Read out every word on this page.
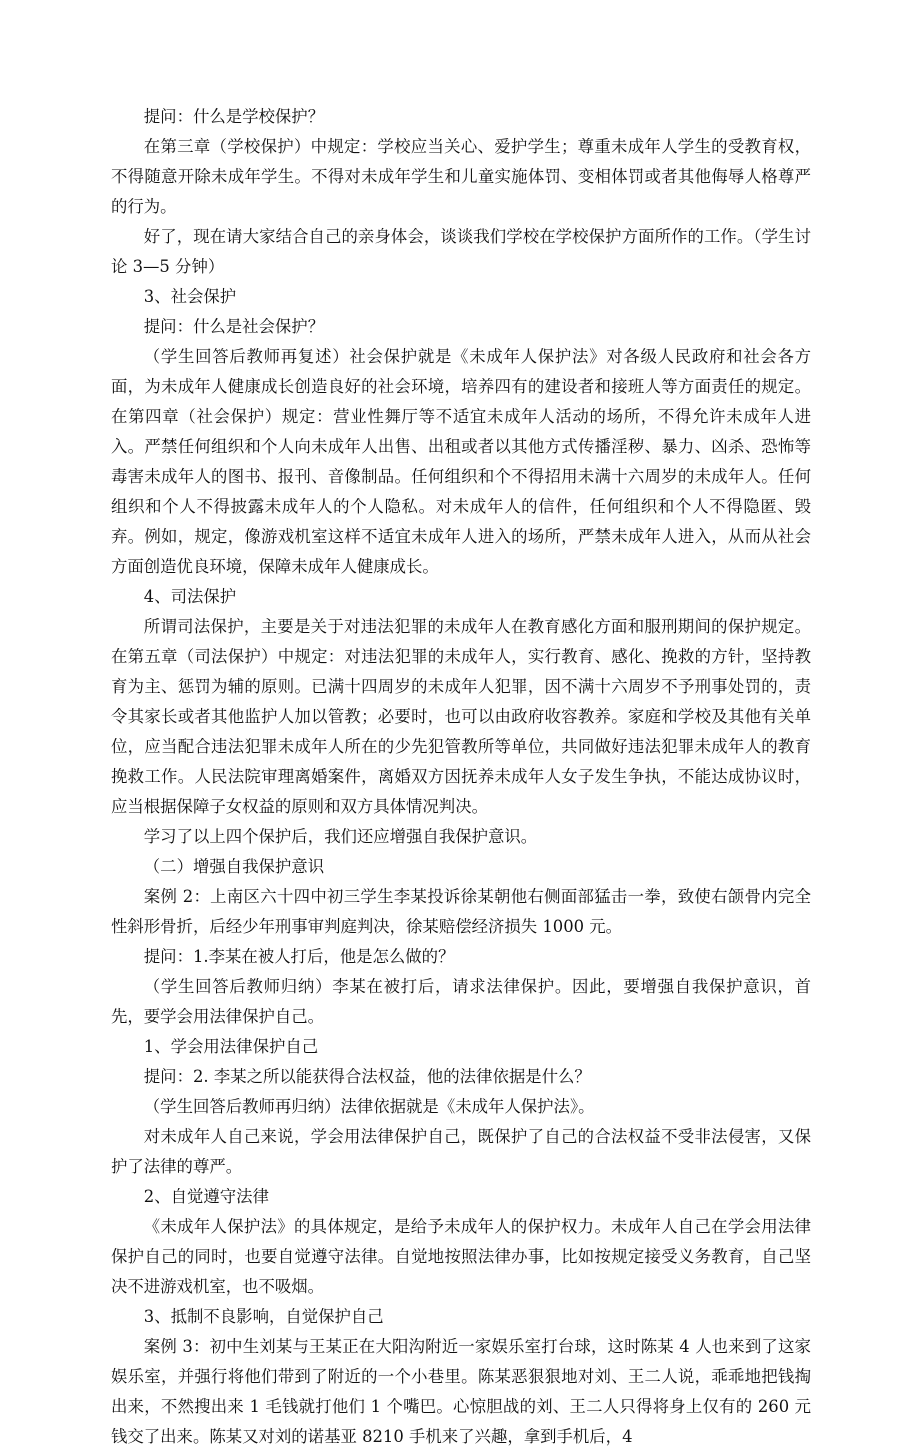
提问：什么是学校保护？

在第三章（学校保护）中规定：学校应当关心、爱护学生；尊重未成年人学生的受教育权，不得随意开除未成年学生。不得对未成年学生和儿童实施体罚、变相体罚或者其他侮辱人格尊严的行为。

好了，现在请大家结合自己的亲身体会，谈谈我们学校在学校保护方面所作的工作。（学生讨论 3—5 分钟）

3、社会保护

提问：什么是社会保护？

（学生回答后教师再复述）社会保护就是《未成年人保护法》对各级人民政府和社会各方面，为未成年人健康成长创造良好的社会环境，培养四有的建设者和接班人等方面责任的规定。在第四章（社会保护）规定：营业性舞厅等不适宜未成年人活动的场所，不得允许未成年人进入。严禁任何组织和个人向未成年人出售、出租或者以其他方式传播淫秽、暴力、凶杀、恐怖等毒害未成年人的图书、报刊、音像制品。任何组织和个不得招用未满十六周岁的未成年人。任何组织和个人不得披露未成年人的个人隐私。对未成年人的信件，任何组织和个人不得隐匿、毁弃。例如，规定，像游戏机室这样不适宜未成年人进入的场所，严禁未成年人进入，从而从社会方面创造优良环境，保障未成年人健康成长。

4、司法保护

所谓司法保护，主要是关于对违法犯罪的未成年人在教育感化方面和服刑期间的保护规定。在第五章（司法保护）中规定：对违法犯罪的未成年人，实行教育、感化、挽救的方针，坚持教育为主、惩罚为辅的原则。已满十四周岁的未成年人犯罪，因不满十六周岁不予刑事处罚的，责令其家长或者其他监护人加以管教；必要时，也可以由政府收容教养。家庭和学校及其他有关单位，应当配合违法犯罪未成年人所在的少先犯管教所等单位，共同做好违法犯罪未成年人的教育挽救工作。人民法院审理离婚案件，离婚双方因抚养未成年人女子发生争执，不能达成协议时，应当根据保障子女权益的原则和双方具体情况判决。

学习了以上四个保护后，我们还应增强自我保护意识。

（二）增强自我保护意识

案例 2：上南区六十四中初三学生李某投诉徐某朝他右侧面部猛击一拳，致使右颌骨内完全性斜形骨折，后经少年刑事审判庭判决，徐某赔偿经济损失 1000 元。

提问：1.李某在被人打后，他是怎么做的？

（学生回答后教师归纳）李某在被打后，请求法律保护。因此，要增强自我保护意识，首先，要学会用法律保护自己。

1、学会用法律保护自己

提问：2. 李某之所以能获得合法权益，他的法律依据是什么？

（学生回答后教师再归纳）法律依据就是《未成年人保护法》。

对未成年人自己来说，学会用法律保护自己，既保护了自己的合法权益不受非法侵害，又保护了法律的尊严。

2、自觉遵守法律

《未成年人保护法》的具体规定，是给予未成年人的保护权力。未成年人自己在学会用法律保护自己的同时，也要自觉遵守法律。自觉地按照法律办事，比如按规定接受义务教育，自己坚决不进游戏机室，也不吸烟。

3、抵制不良影响，自觉保护自己

案例 3：初中生刘某与王某正在大阳沟附近一家娱乐室打台球，这时陈某 4 人也来到了这家娱乐室，并强行将他们带到了附近的一个小巷里。陈某恶狠狠地对刘、王二人说，乖乖地把钱掏出来，不然搜出来 1 毛钱就打他们 1 个嘴巴。心惊胆战的刘、王二人只得将身上仅有的 260 元钱交了出来。陈某又对刘的诺基亚 8210 手机来了兴趣，拿到手机后，4
